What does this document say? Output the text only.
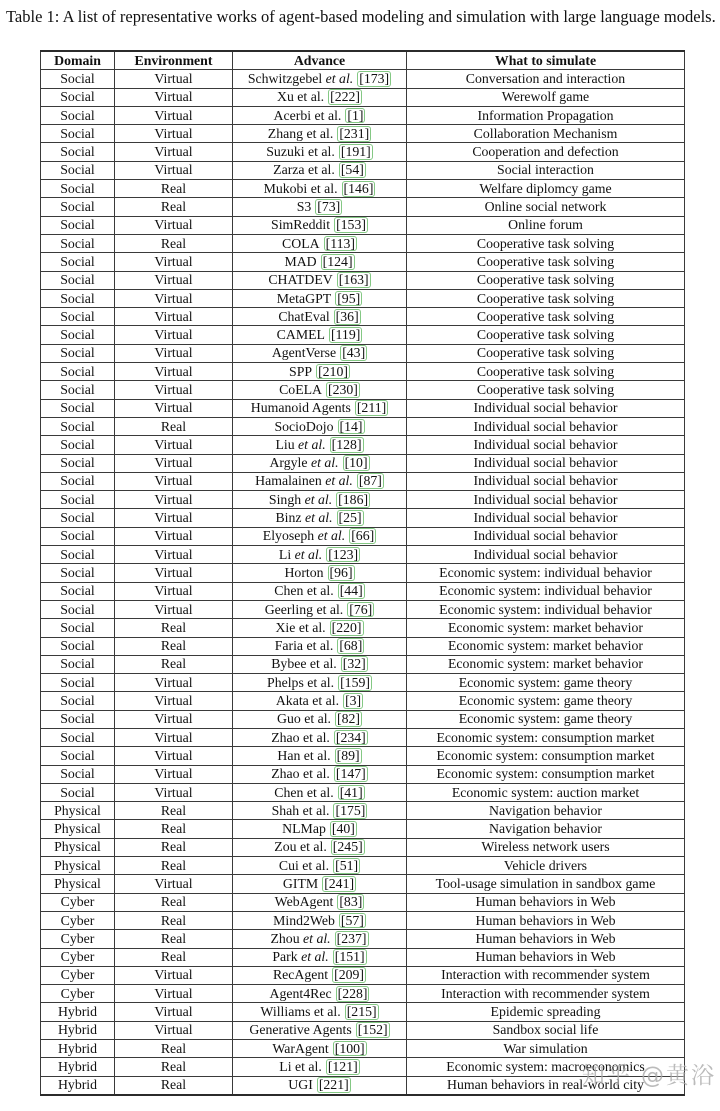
Table 1: A list of representative works of agent-based modeling and simulation with large language models.
Domain	Environment	Advance	What to simulate
Social	Virtual	Schwitzgebel et al. [173]	Conversation and interaction
Social	Virtual	Xu et al. [222]	Werewolf game
Social	Virtual	Acerbi et al. [1]	Information Propagation
Social	Virtual	Zhang et al. [231]	Collaboration Mechanism
Social	Virtual	Suzuki et al. [191]	Cooperation and defection
Social	Virtual	Zarza et al. [54]	Social interaction
Social	Real	Mukobi et al. [146]	Welfare diplomcy game
Social	Real	S3 [73]	Online social network
Social	Virtual	SimReddit [153]	Online forum
Social	Real	COLA [113]	Cooperative task solving
Social	Virtual	MAD [124]	Cooperative task solving
Social	Virtual	CHATDEV [163]	Cooperative task solving
Social	Virtual	MetaGPT [95]	Cooperative task solving
Social	Virtual	ChatEval [36]	Cooperative task solving
Social	Virtual	CAMEL [119]	Cooperative task solving
Social	Virtual	AgentVerse [43]	Cooperative task solving
Social	Virtual	SPP [210]	Cooperative task solving
Social	Virtual	CoELA [230]	Cooperative task solving
Social	Virtual	Humanoid Agents [211]	Individual social behavior
Social	Real	SocioDojo [14]	Individual social behavior
Social	Virtual	Liu et al. [128]	Individual social behavior
Social	Virtual	Argyle et al. [10]	Individual social behavior
Social	Virtual	Hamalainen et al. [87]	Individual social behavior
Social	Virtual	Singh et al. [186]	Individual social behavior
Social	Virtual	Binz et al. [25]	Individual social behavior
Social	Virtual	Elyoseph et al. [66]	Individual social behavior
Social	Virtual	Li et al. [123]	Individual social behavior
Social	Virtual	Horton [96]	Economic system: individual behavior
Social	Virtual	Chen et al. [44]	Economic system: individual behavior
Social	Virtual	Geerling et al. [76]	Economic system: individual behavior
Social	Real	Xie et al. [220]	Economic system: market behavior
Social	Real	Faria et al. [68]	Economic system: market behavior
Social	Real	Bybee et al. [32]	Economic system: market behavior
Social	Virtual	Phelps et al. [159]	Economic system: game theory
Social	Virtual	Akata et al. [3]	Economic system: game theory
Social	Virtual	Guo et al. [82]	Economic system: game theory
Social	Virtual	Zhao et al. [234]	Economic system: consumption market
Social	Virtual	Han et al. [89]	Economic system: consumption market
Social	Virtual	Zhao et al. [147]	Economic system: consumption market
Social	Virtual	Chen et al. [41]	Economic system: auction market
Physical	Real	Shah et al. [175]	Navigation behavior
Physical	Real	NLMap [40]	Navigation behavior
Physical	Real	Zou et al. [245]	Wireless network users
Physical	Real	Cui et al. [51]	Vehicle drivers
Physical	Virtual	GITM [241]	Tool-usage simulation in sandbox game
Cyber	Real	WebAgent [83]	Human behaviors in Web
Cyber	Real	Mind2Web [57]	Human behaviors in Web
Cyber	Real	Zhou et al. [237]	Human behaviors in Web
Cyber	Real	Park et al. [151]	Human behaviors in Web
Cyber	Virtual	RecAgent [209]	Interaction with recommender system
Cyber	Virtual	Agent4Rec [228]	Interaction with recommender system
Hybrid	Virtual	Williams et al. [215]	Epidemic spreading
Hybrid	Virtual	Generative Agents [152]	Sandbox social life
Hybrid	Real	WarAgent [100]	War simulation
Hybrid	Real	Li et al. [121]	Economic system: macroeconomics
Hybrid	Real	UGI [221]	Human behaviors in real-world city
知乎 @黄浴
